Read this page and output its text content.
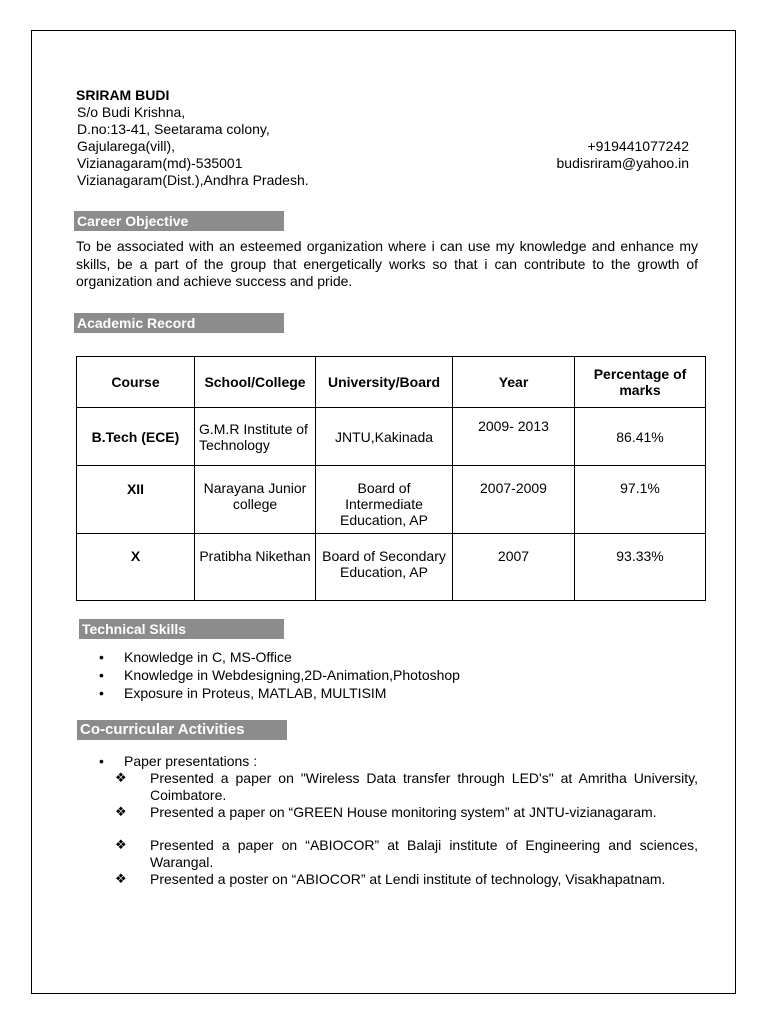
SRIRAM BUDI
S/o Budi Krishna,
D.no:13-41, Seetarama colony,
Gajularega(vill),
Vizianagaram(md)-535001
Vizianagaram(Dist.),Andhra Pradesh.
+919441077242
budisriram@yahoo.in
Career Objective
To be associated with an esteemed organization where i can use my knowledge and enhance my skills, be a part of the group that energetically works so that i can contribute to the growth of organization and achieve success and pride.
Academic Record
Course	School/College	University/Board	Year	Percentage of marks
B.Tech (ECE)	G.M.R Institute of Technology	JNTU,Kakinada	2009- 2013	86.41%
XII	Narayana Junior college	Board of Intermediate Education, AP	2007-2009	97.1%
X	Pratibha Nikethan	Board of Secondary Education, AP	2007	93.33%
Technical Skills
• Knowledge in C, MS-Office
• Knowledge in Webdesigning,2D-Animation,Photoshop
• Exposure in Proteus, MATLAB, MULTISIM
Co-curricular Activities
• Paper presentations :
❖ Presented a paper on "Wireless Data transfer through LED's" at Amritha University, Coimbatore.
❖ Presented a paper on “GREEN House monitoring system” at JNTU-vizianagaram.
❖ Presented a paper on “ABIOCOR” at Balaji institute of Engineering and sciences, Warangal.
❖ Presented a poster on “ABIOCOR” at Lendi institute of technology, Visakhapatnam.
